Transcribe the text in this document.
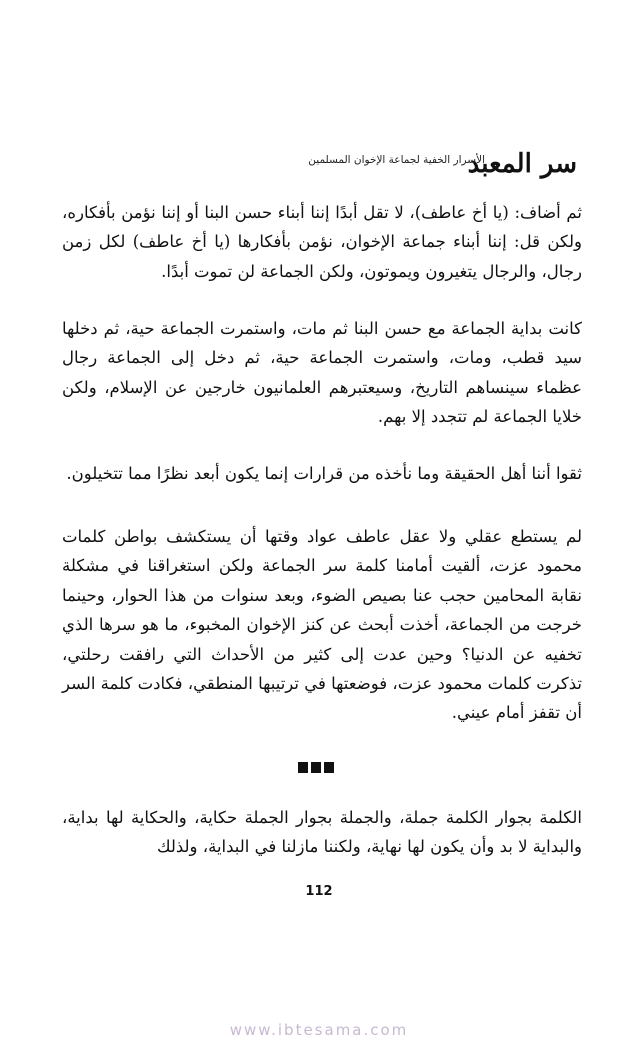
سر المعبد
الأسرار الخفية لجماعة الإخوان المسلمين

ثم أضاف: (يا أخ عاطف)، لا تقل أبدًا إننا أبناء حسن البنا أو إننا نؤمن بأفكاره، ولكن قل: إننا أبناء جماعة الإخوان، نؤمن بأفكارها (يا أخ عاطف) لكل زمن رجال، والرجال يتغيرون ويموتون، ولكن الجماعة لن تموت أبدًا.

كانت بداية الجماعة مع حسن البنا ثم مات، واستمرت الجماعة حية، ثم دخلها سيد قطب، ومات، واستمرت الجماعة حية، ثم دخل إلى الجماعة رجال عظماء سينساهم التاريخ، وسيعتبرهم العلمانيون خارجين عن الإسلام، ولكن خلايا الجماعة لم تتجدد إلا بهم.

ثقوا أننا أهل الحقيقة وما نأخذه من قرارات إنما يكون أبعد نظرًا مما تتخيلون.

لم يستطع عقلي ولا عقل عاطف عواد وقتها أن يستكشف بواطن كلمات محمود عزت، ألقيت أمامنا كلمة سر الجماعة ولكن استغراقنا في مشكلة نقابة المحامين حجب عنا بصيص الضوء، وبعد سنوات من هذا الحوار، وحينما خرجت من الجماعة، أخذت أبحث عن كنز الإخوان المخبوء، ما هو سرها الذي تخفيه عن الدنيا؟ وحين عدت إلى كثير من الأحداث التي رافقت رحلتي، تذكرت كلمات محمود عزت، فوضعتها في ترتيبها المنطقي، فكادت كلمة السر أن تقفز أمام عيني.

الكلمة بجوار الكلمة جملة، والجملة بجوار الجملة حكاية، والحكاية لها بداية، والبداية لا بد وأن يكون لها نهاية، ولكننا مازلنا في البداية، ولذلك

112
www.ibtesama.com
